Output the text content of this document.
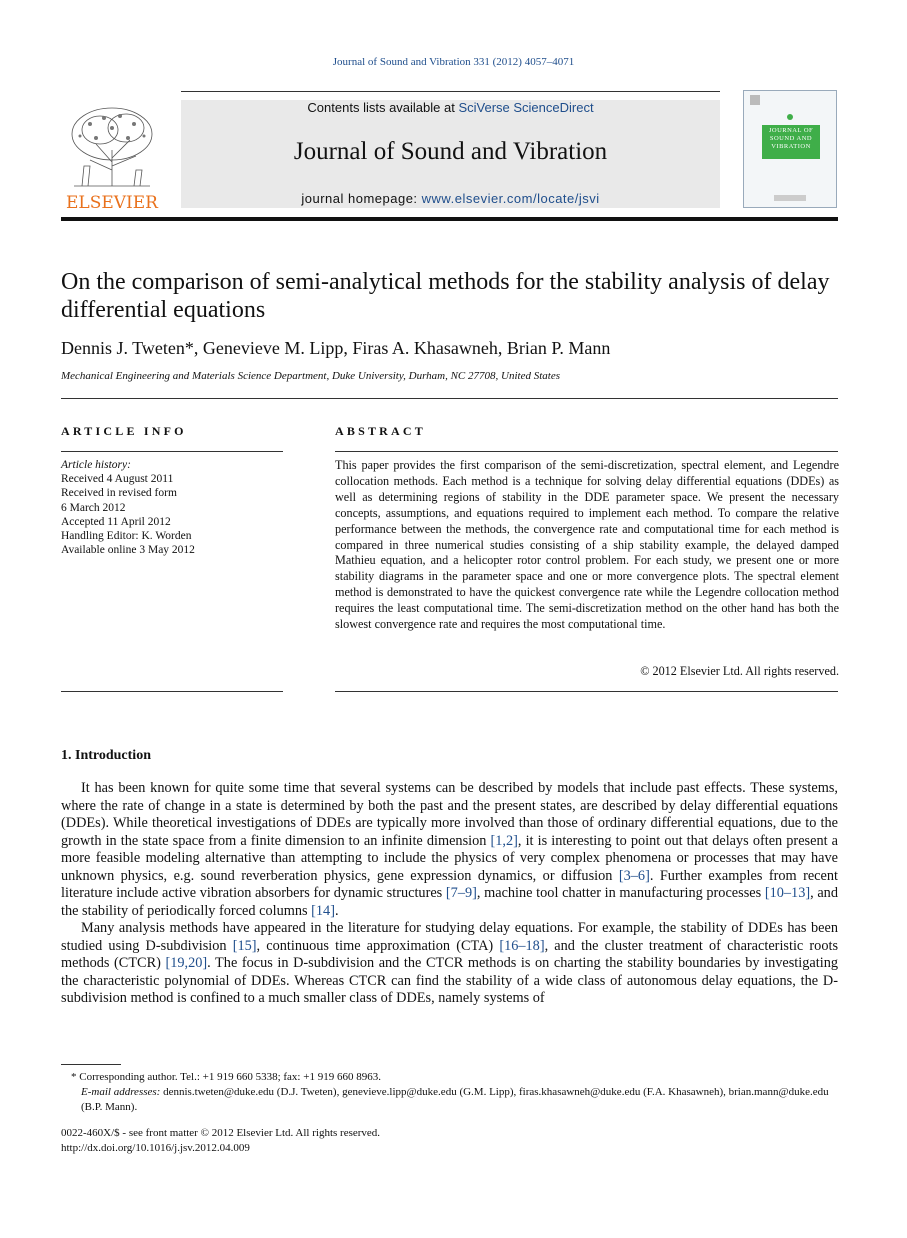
Journal of Sound and Vibration 331 (2012) 4057–4071
ELSEVIER
Contents lists available at SciVerse ScienceDirect
Journal of Sound and Vibration
journal homepage: www.elsevier.com/locate/jsvi
JOURNAL OF SOUND AND VIBRATION
On the comparison of semi-analytical methods for the stability analysis of delay differential equations
Dennis J. Tweten*, Genevieve M. Lipp, Firas A. Khasawneh, Brian P. Mann
Mechanical Engineering and Materials Science Department, Duke University, Durham, NC 27708, United States
ARTICLE INFO
Article history:
Received 4 August 2011
Received in revised form
6 March 2012
Accepted 11 April 2012
Handling Editor: K. Worden
Available online 3 May 2012
ABSTRACT
This paper provides the first comparison of the semi-discretization, spectral element, and Legendre collocation methods. Each method is a technique for solving delay differential equations (DDEs) as well as determining regions of stability in the DDE parameter space. We present the necessary concepts, assumptions, and equations required to implement each method. To compare the relative performance between the methods, the convergence rate and computational time for each method is compared in three numerical studies consisting of a ship stability example, the delayed damped Mathieu equation, and a helicopter rotor control problem. For each study, we present one or more stability diagrams in the parameter space and one or more convergence plots. The spectral element method is demonstrated to have the quickest convergence rate while the Legendre collocation method requires the least computational time. The semi-discretization method on the other hand has both the slowest convergence rate and requires the most computational time.
© 2012 Elsevier Ltd. All rights reserved.
1. Introduction

It has been known for quite some time that several systems can be described by models that include past effects. These systems, where the rate of change in a state is determined by both the past and the present states, are described by delay differential equations (DDEs). While theoretical investigations of DDEs are typically more involved than those of ordinary differential equations, due to the growth in the state space from a finite dimension to an infinite dimension [1,2], it is interesting to point out that delays often present a more feasible modeling alternative than attempting to include the physics of very complex phenomena or processes that may have unknown physics, e.g. sound reverberation physics, gene expression dynamics, or diffusion [3–6]. Further examples from recent literature include active vibration absorbers for dynamic structures [7–9], machine tool chatter in manufacturing processes [10–13], and the stability of periodically forced columns [14].

Many analysis methods have appeared in the literature for studying delay equations. For example, the stability of DDEs has been studied using D-subdivision [15], continuous time approximation (CTA) [16–18], and the cluster treatment of characteristic roots methods (CTCR) [19,20]. The focus in D-subdivision and the CTCR methods is on charting the stability boundaries by investigating the characteristic polynomial of DDEs. Whereas CTCR can find the stability of a wide class of autonomous delay equations, the D-subdivision method is confined to a much smaller class of DDEs, namely systems of

* Corresponding author. Tel.: +1 919 660 5338; fax: +1 919 660 8963.
E-mail addresses: dennis.tweten@duke.edu (D.J. Tweten), genevieve.lipp@duke.edu (G.M. Lipp), firas.khasawneh@duke.edu (F.A. Khasawneh), brian.mann@duke.edu (B.P. Mann).
0022-460X/$ - see front matter © 2012 Elsevier Ltd. All rights reserved.
http://dx.doi.org/10.1016/j.jsv.2012.04.009
